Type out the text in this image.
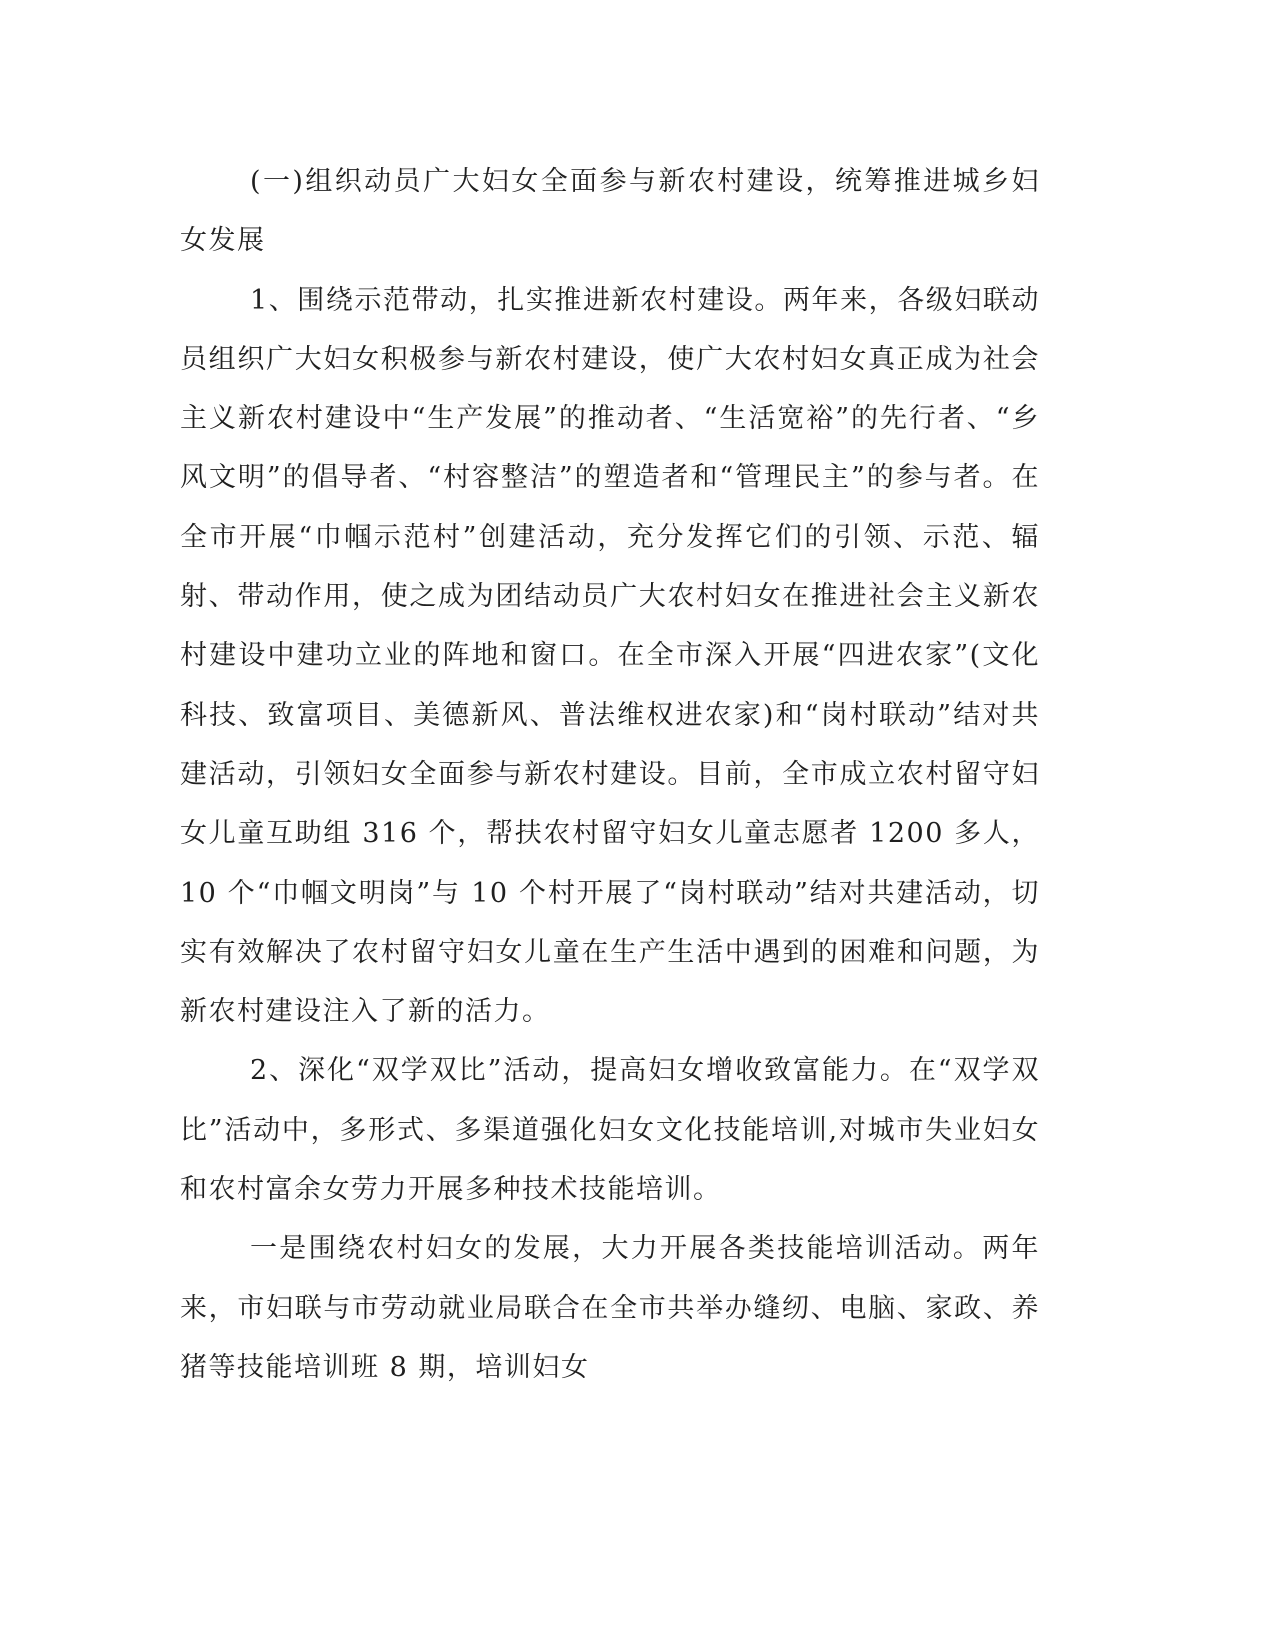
(一)组织动员广大妇女全面参与新农村建设，统筹推进城乡妇女发展

1、围绕示范带动，扎实推进新农村建设。两年来，各级妇联动员组织广大妇女积极参与新农村建设，使广大农村妇女真正成为社会主义新农村建设中“生产发展”的推动者、“生活宽裕”的先行者、“乡风文明”的倡导者、“村容整洁”的塑造者和“管理民主”的参与者。在全市开展“巾帼示范村”创建活动，充分发挥它们的引领、示范、辐射、带动作用，使之成为团结动员广大农村妇女在推进社会主义新农村建设中建功立业的阵地和窗口。在全市深入开展“四进农家”(文化科技、致富项目、美德新风、普法维权进农家)和“岗村联动”结对共建活动，引领妇女全面参与新农村建设。目前，全市成立农村留守妇女儿童互助组 316 个，帮扶农村留守妇女儿童志愿者 1200 多人，10 个“巾帼文明岗”与 10 个村开展了“岗村联动”结对共建活动，切实有效解决了农村留守妇女儿童在生产生活中遇到的困难和问题，为新农村建设注入了新的活力。

2、深化“双学双比”活动，提高妇女增收致富能力。在“双学双比”活动中，多形式、多渠道强化妇女文化技能培训,对城市失业妇女和农村富余女劳力开展多种技术技能培训。

一是围绕农村妇女的发展，大力开展各类技能培训活动。两年来，市妇联与市劳动就业局联合在全市共举办缝纫、电脑、家政、养猪等技能培训班 8 期，培训妇女
